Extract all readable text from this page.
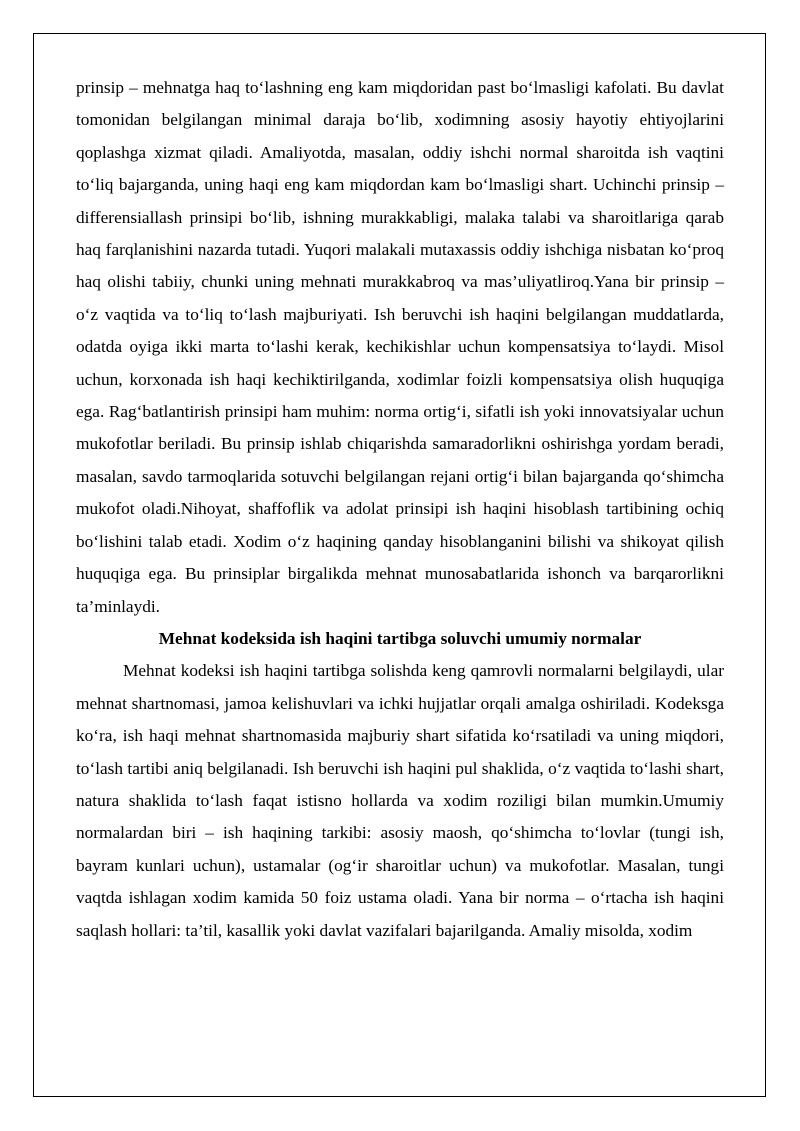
prinsip – mehnatga haq to‘lashning eng kam miqdoridan past bo‘lmasligi kafolati. Bu davlat tomonidan belgilangan minimal daraja bo‘lib, xodimning asosiy hayotiy ehtiyojlarini qoplashga xizmat qiladi. Amaliyotda, masalan, oddiy ishchi normal sharoitda ish vaqtini to‘liq bajarganda, uning haqi eng kam miqdordan kam bo‘lmasligi shart. Uchinchi prinsip – differensiallash prinsipi bo‘lib, ishning murakkabligi, malaka talabi va sharoitlariga qarab haq farqlanishini nazarda tutadi. Yuqori malakali mutaxassis oddiy ishchiga nisbatan ko‘proq haq olishi tabiiy, chunki uning mehnati murakkabroq va mas’uliyatliroq.Yana bir prinsip – o‘z vaqtida va to‘liq to‘lash majburiyati. Ish beruvchi ish haqini belgilangan muddatlarda, odatda oyiga ikki marta to‘lashi kerak, kechikishlar uchun kompensatsiya to‘laydi. Misol uchun, korxonada ish haqi kechiktirilganda, xodimlar foizli kompensatsiya olish huquqiga ega. Rag‘batlantirish prinsipi ham muhim: norma ortig‘i, sifatli ish yoki innovatsiyalar uchun mukofotlar beriladi. Bu prinsip ishlab chiqarishda samaradorlikni oshirishga yordam beradi, masalan, savdo tarmoqlarida sotuvchi belgilangan rejani ortig‘i bilan bajarganda qo‘shimcha mukofot oladi.Nihoyat, shaffoflik va adolat prinsipi ish haqini hisoblash tartibining ochiq bo‘lishini talab etadi. Xodim o‘z haqining qanday hisoblanganini bilishi va shikoyat qilish huquqiga ega. Bu prinsiplar birgalikda mehnat munosabatlarida ishonch va barqarorlikni ta’minlaydi.

Mehnat kodeksida ish haqini tartibga soluvchi umumiy normalar

Mehnat kodeksi ish haqini tartibga solishda keng qamrovli normalarni belgilaydi, ular mehnat shartnomasi, jamoa kelishuvlari va ichki hujjatlar orqali amalga oshiriladi. Kodeksga ko‘ra, ish haqi mehnat shartnomasida majburiy shart sifatida ko‘rsatiladi va uning miqdori, to‘lash tartibi aniq belgilanadi. Ish beruvchi ish haqini pul shaklida, o‘z vaqtida to‘lashi shart, natura shaklida to‘lash faqat istisno hollarda va xodim roziligi bilan mumkin.Umumiy normalardan biri – ish haqining tarkibi: asosiy maosh, qo‘shimcha to‘lovlar (tungi ish, bayram kunlari uchun), ustamalar (og‘ir sharoitlar uchun) va mukofotlar. Masalan, tungi vaqtda ishlagan xodim kamida 50 foiz ustama oladi. Yana bir norma – o‘rtacha ish haqini saqlash hollari: ta’til, kasallik yoki davlat vazifalari bajarilganda. Amaliy misolda, xodim
